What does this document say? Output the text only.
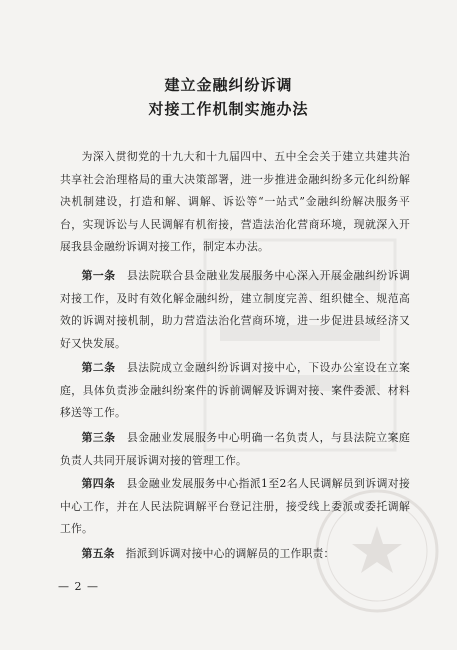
建立金融纠纷诉调
对接工作机制实施办法

为深入贯彻党的十九大和十九届四中、五中全会关于建立共建共治共享社会治理格局的重大决策部署，进一步推进金融纠纷多元化纠纷解决机制建设，打造和解、调解、诉讼等“一站式”金融纠纷解决服务平台，实现诉讼与人民调解有机衔接，营造法治化营商环境，现就深入开展我县金融纷诉调对接工作，制定本办法。

第一条　 县法院联合县金融业发展服务中心深入开展金融纠纷诉调对接工作，及时有效化解金融纠纷，建立制度完善、组织健全、规范高效的诉调对接机制，助力营造法治化营商环境，进一步促进县域经济又好又快发展。

第二条　 县法院成立金融纠纷诉调对接中心，下设办公室设在立案庭，具体负责涉金融纠纷案件的诉前调解及诉调对接、案件委派、材料移送等工作。

第三条　 县金融业发展服务中心明确一名负责人，与县法院立案庭负责人共同开展诉调对接的管理工作。

第四条　 县金融业发展服务中心指派1至2名人民调解员到诉调对接中心工作，并在人民法院调解平台登记注册，接受线上委派或委托调解工作。

第五条　 指派到诉调对接中心的调解员的工作职责：

— 2 —
